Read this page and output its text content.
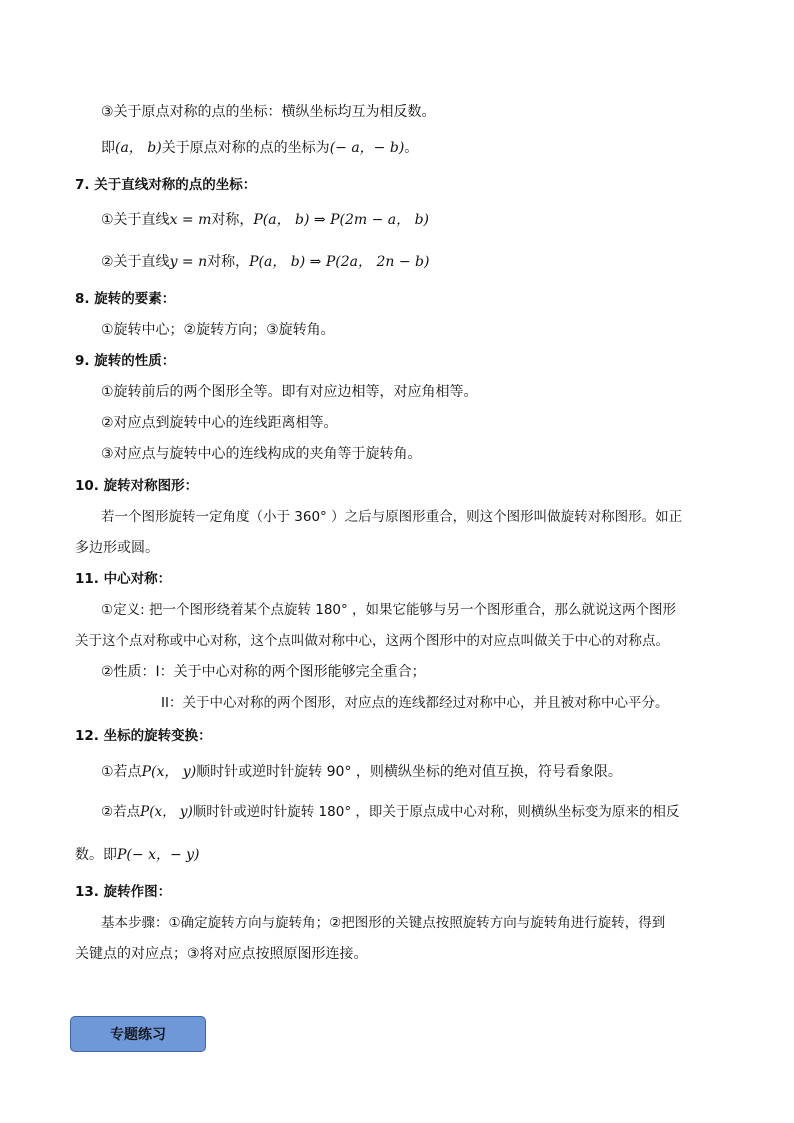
③关于原点对称的点的坐标：横纵坐标均互为相反数。
即(a， b)关于原点对称的点的坐标为(− a，− b)。
7. 关于直线对称的点的坐标：
①关于直线x = m对称，P(a， b) ⇒ P(2m − a， b)
②关于直线y = n对称，P(a， b) ⇒ P(2a， 2n − b)
8. 旋转的要素：
①旋转中心；②旋转方向；③旋转角。
9. 旋转的性质：
①旋转前后的两个图形全等。即有对应边相等，对应角相等。
②对应点到旋转中心的连线距离相等。
③对应点与旋转中心的连线构成的夹角等于旋转角。
10. 旋转对称图形：
若一个图形旋转一定角度（小于 360° ）之后与原图形重合，则这个图形叫做旋转对称图形。如正
多边形或圆。
11. 中心对称：
①定义: 把一个图形绕着某个点旋转 180° ，如果它能够与另一个图形重合，那么就说这两个图形
关于这个点对称或中心对称，这个点叫做对称中心，这两个图形中的对应点叫做关于中心的对称点。
②性质：I：关于中心对称的两个图形能够完全重合；
II：关于中心对称的两个图形，对应点的连线都经过对称中心，并且被对称中心平分。
12. 坐标的旋转变换：
①若点P(x， y)顺时针或逆时针旋转 90° ，则横纵坐标的绝对值互换，符号看象限。
②若点P(x， y)顺时针或逆时针旋转 180° ，即关于原点成中心对称，则横纵坐标变为原来的相反
数。即P(− x，− y)
13. 旋转作图：
基本步骤：①确定旋转方向与旋转角；②把图形的关键点按照旋转方向与旋转角进行旋转，得到
关键点的对应点；③将对应点按照原图形连接。
专题练习
